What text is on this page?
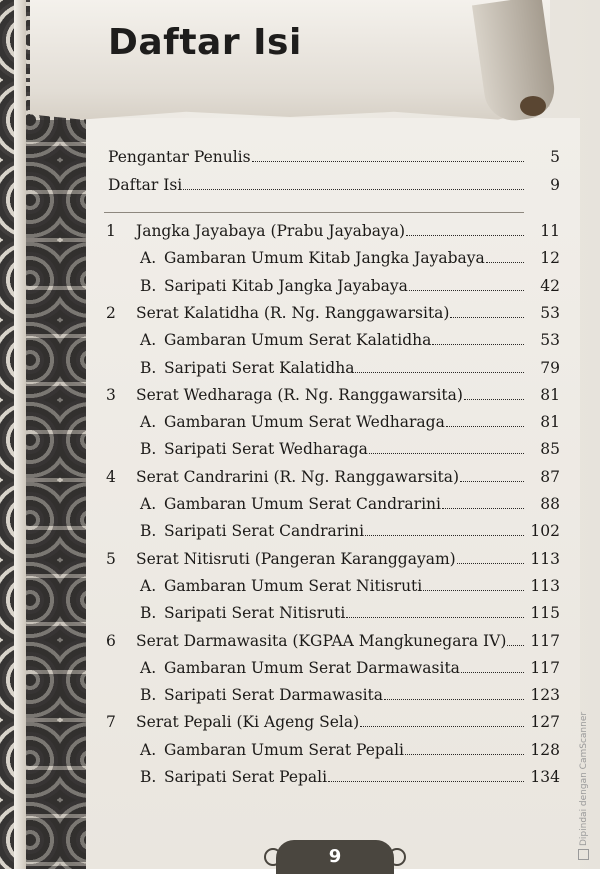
Daftar Isi
Pengantar Penulis	5
Daftar Isi	9
1	Jangka Jayabaya (Prabu Jayabaya)	11
A. Gambaran Umum Kitab Jangka Jayabaya	12
B. Saripati Kitab Jangka Jayabaya	42
2	Serat Kalatidha (R. Ng. Ranggawarsita)	53
A. Gambaran Umum Serat Kalatidha	53
B. Saripati Serat Kalatidha	79
3	Serat Wedharaga (R. Ng. Ranggawarsita)	81
A. Gambaran Umum Serat Wedharaga	81
B. Saripati Serat Wedharaga	85
4	Serat Candrarini (R. Ng. Ranggawarsita)	87
A. Gambaran Umum Serat Candrarini	88
B. Saripati Serat Candrarini	102
5	Serat Nitisruti (Pangeran Karanggayam)	113
A. Gambaran Umum Serat Nitisruti	113
B. Saripati Serat Nitisruti	115
6	Serat Darmawasita (KGPAA Mangkunegara IV) 117
A. Gambaran Umum Serat Darmawasita	117
B. Saripati Serat Darmawasita	123
7	Serat Pepali (Ki Ageng Sela)	127
A. Gambaran Umum Serat Pepali	128
B. Saripati Serat Pepali	134
9
Dipindai dengan CamScanner
